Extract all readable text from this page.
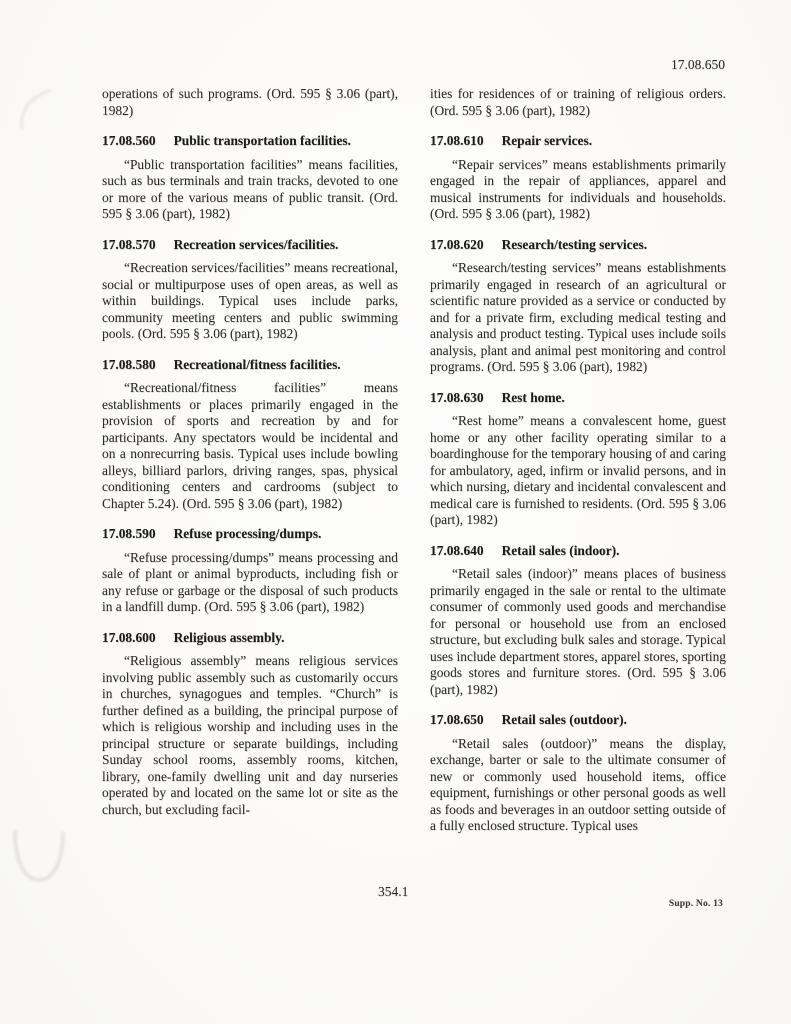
17.08.650

operations of such programs. (Ord. 595 § 3.06 (part), 1982)

17.08.560 Public transportation facilities.

“Public transportation facilities” means facilities, such as bus terminals and train tracks, devoted to one or more of the various means of public transit. (Ord. 595 § 3.06 (part), 1982)

17.08.570 Recreation services/facilities.

“Recreation services/facilities” means recreational, social or multipurpose uses of open areas, as well as within buildings. Typical uses include parks, community meeting centers and public swimming pools. (Ord. 595 § 3.06 (part), 1982)

17.08.580 Recreational/fitness facilities.

“Recreational/fitness facilities” means establishments or places primarily engaged in the provision of sports and recreation by and for participants. Any spectators would be incidental and on a nonrecurring basis. Typical uses include bowling alleys, billiard parlors, driving ranges, spas, physical conditioning centers and cardrooms (subject to Chapter 5.24). (Ord. 595 § 3.06 (part), 1982)

17.08.590 Refuse processing/dumps.

“Refuse processing/dumps” means processing and sale of plant or animal byproducts, including fish or any refuse or garbage or the disposal of such products in a landfill dump. (Ord. 595 § 3.06 (part), 1982)

17.08.600 Religious assembly.

“Religious assembly” means religious services involving public assembly such as customarily occurs in churches, synagogues and temples. “Church” is further defined as a building, the principal purpose of which is religious worship and including uses in the principal structure or separate buildings, including Sunday school rooms, assembly rooms, kitchen, library, one-family dwelling unit and day nurseries operated by and located on the same lot or site as the church, but excluding facil-

ities for residences of or training of religious orders. (Ord. 595 § 3.06 (part), 1982)

17.08.610 Repair services.

“Repair services” means establishments primarily engaged in the repair of appliances, apparel and musical instruments for individuals and households. (Ord. 595 § 3.06 (part), 1982)

17.08.620 Research/testing services.

“Research/testing services” means establishments primarily engaged in research of an agricultural or scientific nature provided as a service or conducted by and for a private firm, excluding medical testing and analysis and product testing. Typical uses include soils analysis, plant and animal pest monitoring and control programs. (Ord. 595 § 3.06 (part), 1982)

17.08.630 Rest home.

“Rest home” means a convalescent home, guest home or any other facility operating similar to a boardinghouse for the temporary housing of and caring for ambulatory, aged, infirm or invalid persons, and in which nursing, dietary and incidental convalescent and medical care is furnished to residents. (Ord. 595 § 3.06 (part), 1982)

17.08.640 Retail sales (indoor).

“Retail sales (indoor)” means places of business primarily engaged in the sale or rental to the ultimate consumer of commonly used goods and merchandise for personal or household use from an enclosed structure, but excluding bulk sales and storage. Typical uses include department stores, apparel stores, sporting goods stores and furniture stores. (Ord. 595 § 3.06 (part), 1982)

17.08.650 Retail sales (outdoor).

“Retail sales (outdoor)” means the display, exchange, barter or sale to the ultimate consumer of new or commonly used household items, office equipment, furnishings or other personal goods as well as foods and beverages in an outdoor setting outside of a fully enclosed structure. Typical uses

354.1
Supp. No. 13
